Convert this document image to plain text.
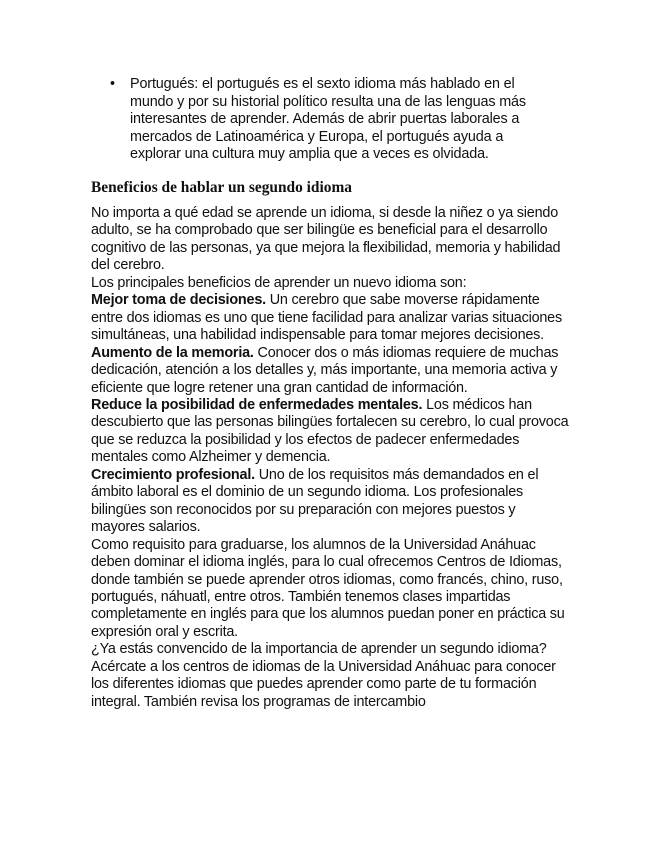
• Portugués: el portugués es el sexto idioma más hablado en el mundo y por su historial político resulta una de las lenguas más interesantes de aprender. Además de abrir puertas laborales a mercados de Latinoamérica y Europa, el portugués ayuda a explorar una cultura muy amplia que a veces es olvidada.
Beneficios de hablar un segundo idioma

No importa a qué edad se aprende un idioma, si desde la niñez o ya siendo adulto, se ha comprobado que ser bilingüe es beneficial para el desarrollo cognitivo de las personas, ya que mejora la flexibilidad, memoria y habilidad del cerebro.

Los principales beneficios de aprender un nuevo idioma son:

Mejor toma de decisiones. Un cerebro que sabe moverse rápidamente entre dos idiomas es uno que tiene facilidad para analizar varias situaciones simultáneas, una habilidad indispensable para tomar mejores decisiones.

Aumento de la memoria. Conocer dos o más idiomas requiere de muchas dedicación, atención a los detalles y, más importante, una memoria activa y eficiente que logre retener una gran cantidad de información.

Reduce la posibilidad de enfermedades mentales. Los médicos han descubierto que las personas bilingües fortalecen su cerebro, lo cual provoca que se reduzca la posibilidad y los efectos de padecer enfermedades mentales como Alzheimer y demencia.

Crecimiento profesional. Uno de los requisitos más demandados en el ámbito laboral es el dominio de un segundo idioma. Los profesionales bilingües son reconocidos por su preparación con mejores puestos y mayores salarios.

Como requisito para graduarse, los alumnos de la Universidad Anáhuac deben dominar el idioma inglés, para lo cual ofrecemos Centros de Idiomas, donde también se puede aprender otros idiomas, como francés, chino, ruso, portugués, náhuatl, entre otros. También tenemos clases impartidas completamente en inglés para que los alumnos puedan poner en práctica su expresión oral y escrita.

¿Ya estás convencido de la importancia de aprender un segundo idioma? Acércate a los centros de idiomas de la Universidad Anáhuac para conocer los diferentes idiomas que puedes aprender como parte de tu formación integral. También revisa los programas de intercambio
